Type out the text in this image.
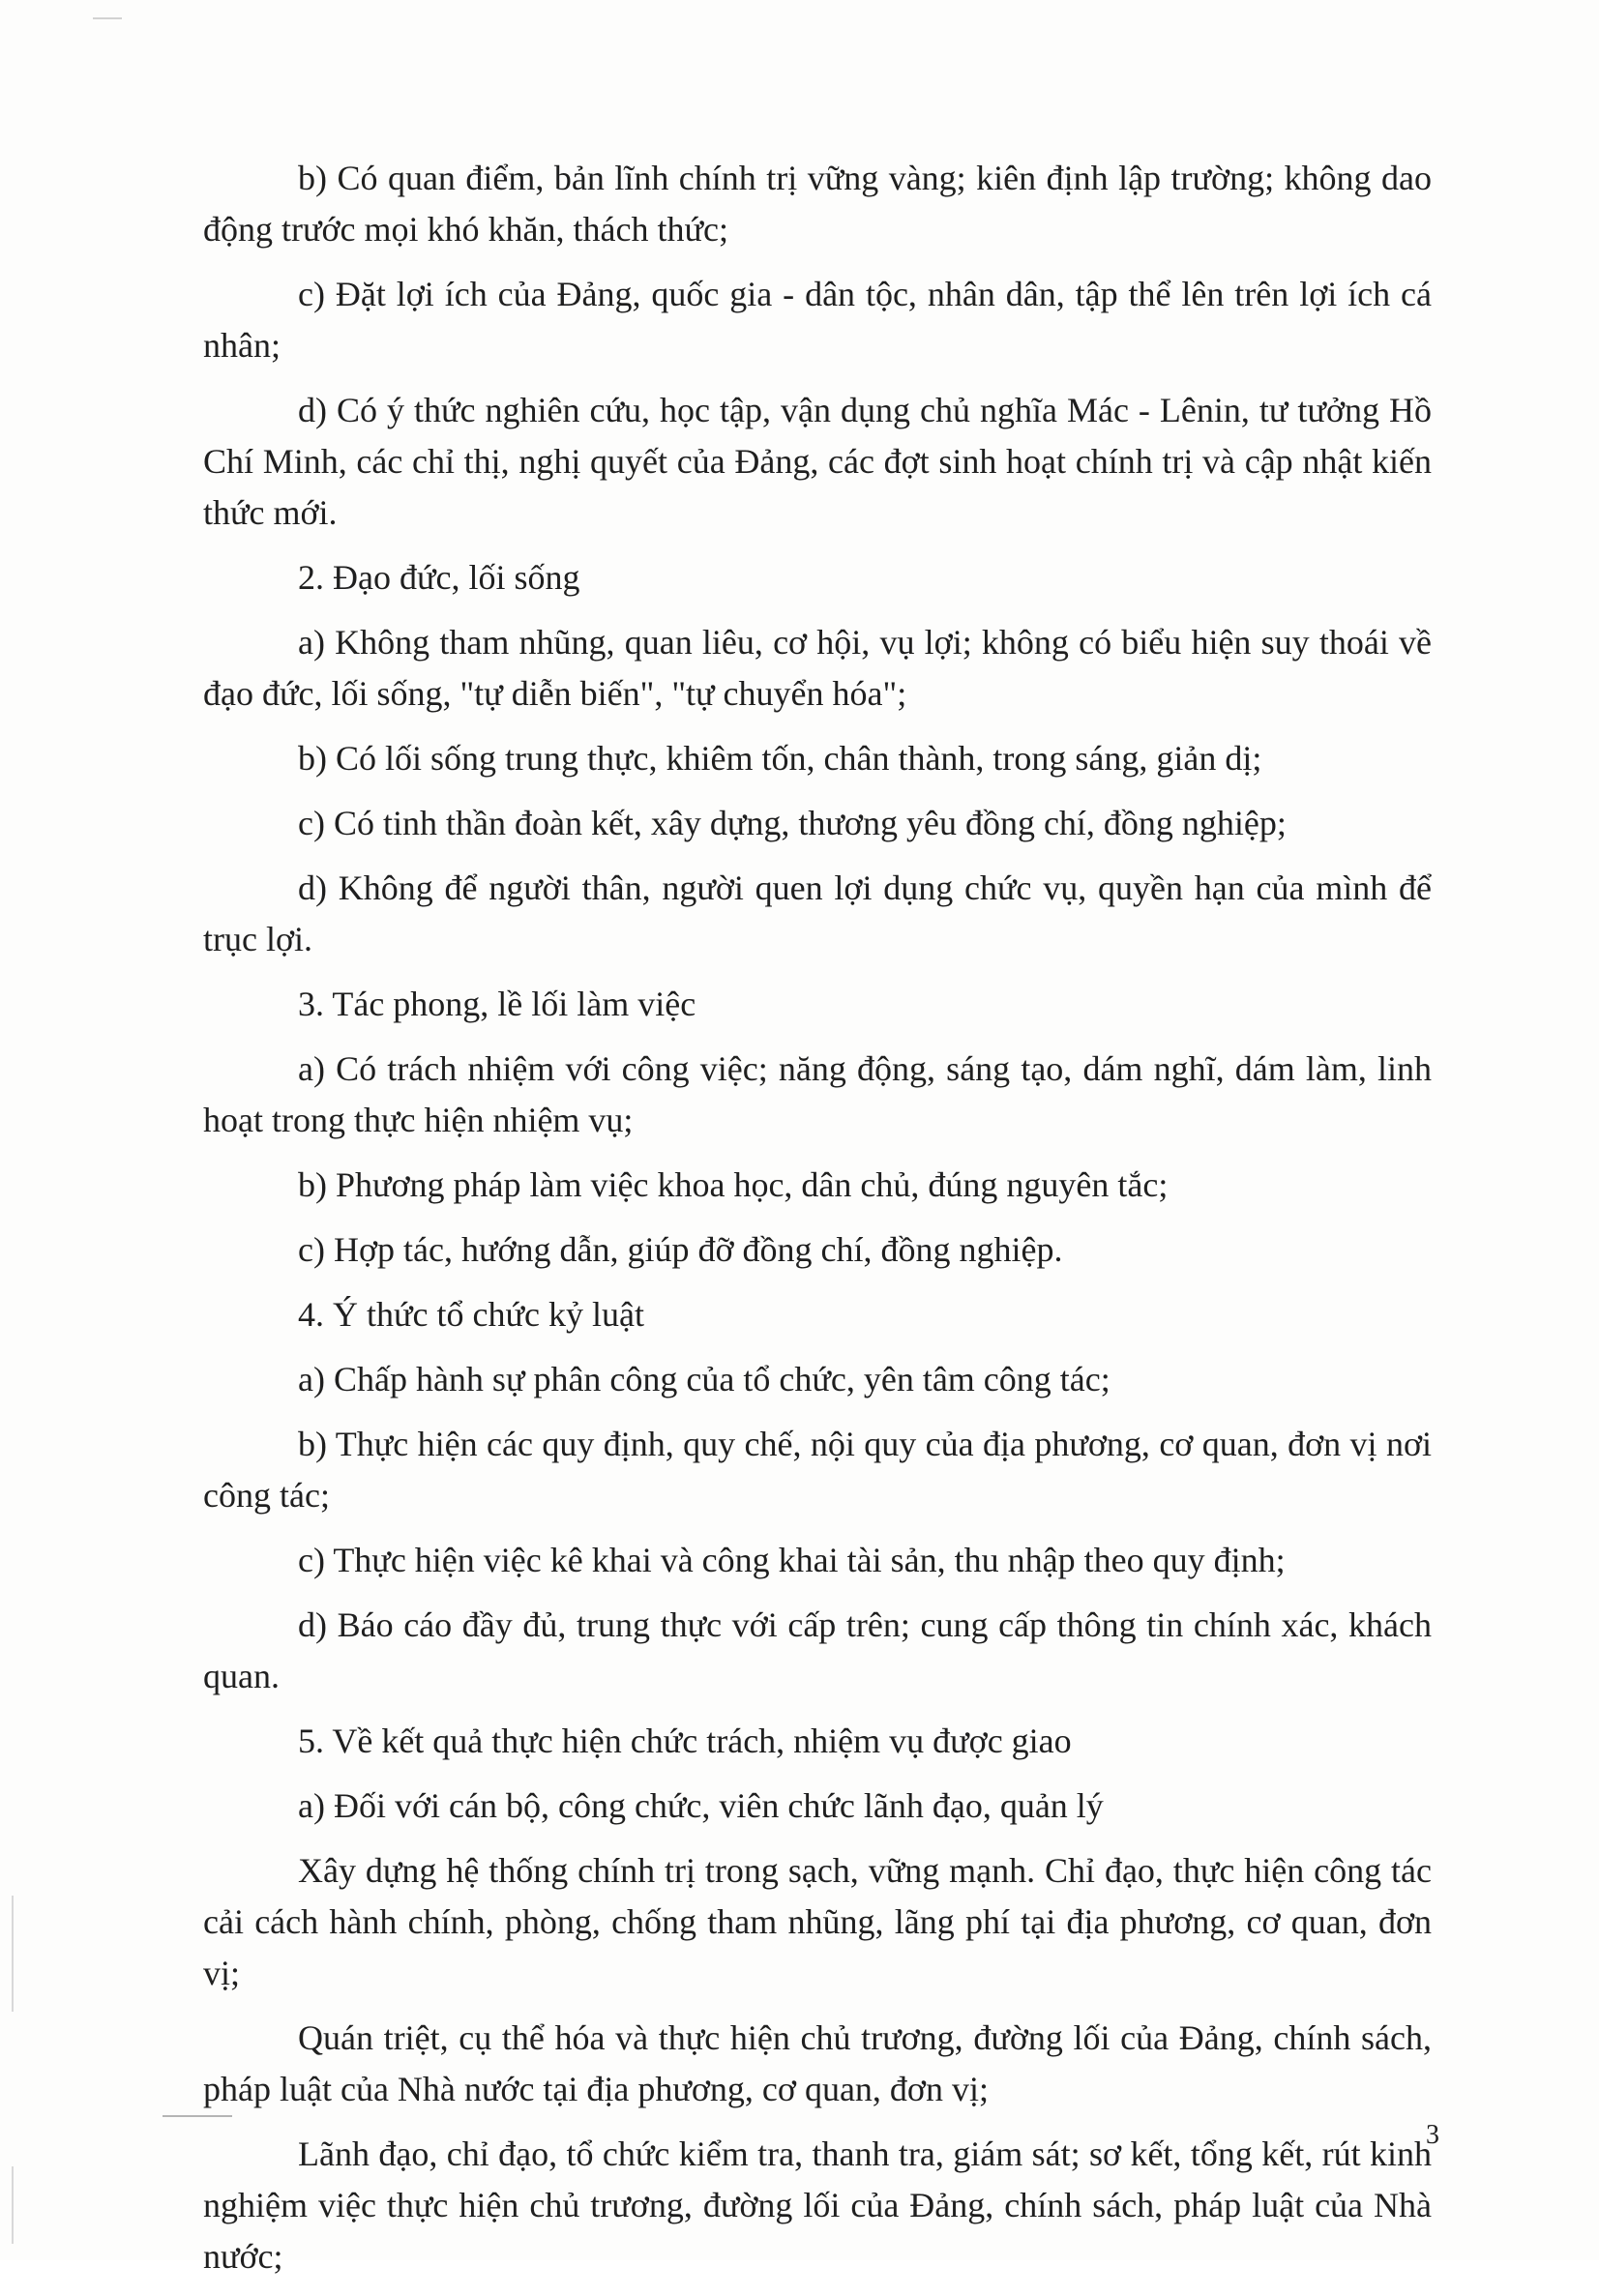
b) Có quan điểm, bản lĩnh chính trị vững vàng; kiên định lập trường; không dao động trước mọi khó khăn, thách thức;

c) Đặt lợi ích của Đảng, quốc gia - dân tộc, nhân dân, tập thể lên trên lợi ích cá nhân;

d) Có ý thức nghiên cứu, học tập, vận dụng chủ nghĩa Mác - Lênin, tư tưởng Hồ Chí Minh, các chỉ thị, nghị quyết của Đảng, các đợt sinh hoạt chính trị và cập nhật kiến thức mới.

2. Đạo đức, lối sống

a) Không tham nhũng, quan liêu, cơ hội, vụ lợi; không có biểu hiện suy thoái về đạo đức, lối sống, "tự diễn biến", "tự chuyển hóa";

b) Có lối sống trung thực, khiêm tốn, chân thành, trong sáng, giản dị;

c) Có tinh thần đoàn kết, xây dựng, thương yêu đồng chí, đồng nghiệp;

d) Không để người thân, người quen lợi dụng chức vụ, quyền hạn của mình để trục lợi.

3. Tác phong, lề lối làm việc

a) Có trách nhiệm với công việc; năng động, sáng tạo, dám nghĩ, dám làm, linh hoạt trong thực hiện nhiệm vụ;

b) Phương pháp làm việc khoa học, dân chủ, đúng nguyên tắc;

c) Hợp tác, hướng dẫn, giúp đỡ đồng chí, đồng nghiệp.

4. Ý thức tổ chức kỷ luật

a) Chấp hành sự phân công của tổ chức, yên tâm công tác;

b) Thực hiện các quy định, quy chế, nội quy của địa phương, cơ quan, đơn vị nơi công tác;

c) Thực hiện việc kê khai và công khai tài sản, thu nhập theo quy định;

d) Báo cáo đầy đủ, trung thực với cấp trên; cung cấp thông tin chính xác, khách quan.

5. Về kết quả thực hiện chức trách, nhiệm vụ được giao

a) Đối với cán bộ, công chức, viên chức lãnh đạo, quản lý

Xây dựng hệ thống chính trị trong sạch, vững mạnh. Chỉ đạo, thực hiện công tác cải cách hành chính, phòng, chống tham nhũng, lãng phí tại địa phương, cơ quan, đơn vị;

Quán triệt, cụ thể hóa và thực hiện chủ trương, đường lối của Đảng, chính sách, pháp luật của Nhà nước tại địa phương, cơ quan, đơn vị;

Lãnh đạo, chỉ đạo, tổ chức kiểm tra, thanh tra, giám sát; sơ kết, tổng kết, rút kinh nghiệm việc thực hiện chủ trương, đường lối của Đảng, chính sách, pháp luật của Nhà nước;

3
